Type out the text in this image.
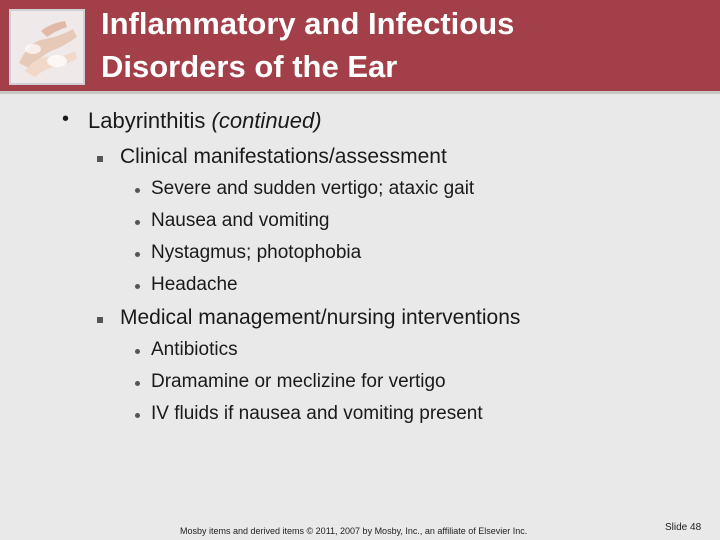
Inflammatory and Infectious
Disorders of the Ear
• Labyrinthitis (continued)
Clinical manifestations/assessment
Severe and sudden vertigo; ataxic gait
Nausea and vomiting
Nystagmus; photophobia
Headache
Medical management/nursing interventions
Antibiotics
Dramamine or meclizine for vertigo
IV fluids if nausea and vomiting present
Mosby items and derived items © 2011, 2007 by Mosby, Inc., an affiliate of Elsevier Inc.	Slide 48
